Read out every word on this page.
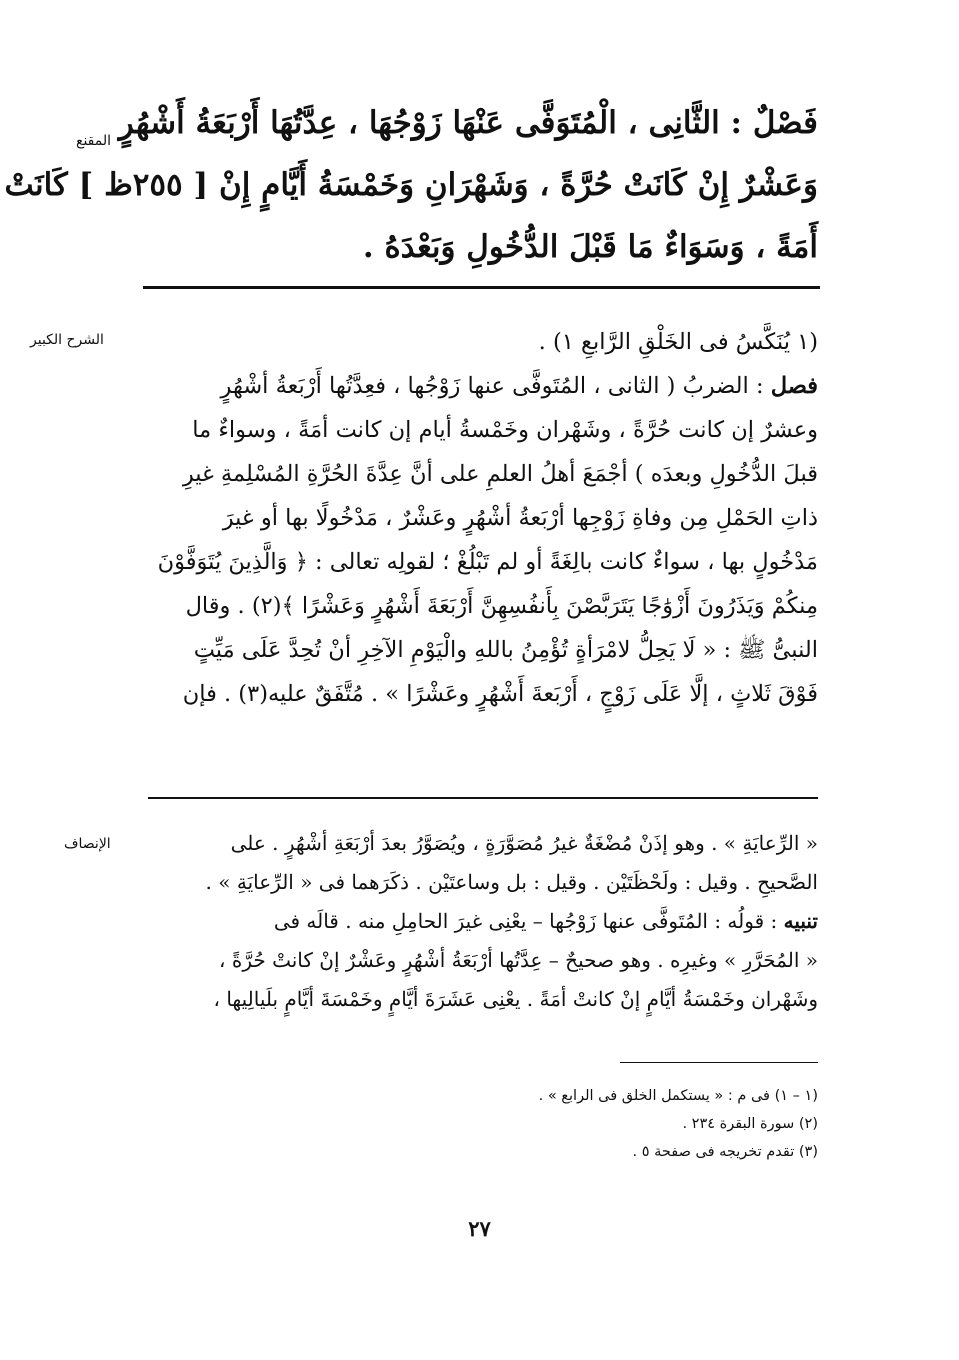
المقنع
الشرح الكبير
الإنصاف
فَصْلٌ : الثَّانِى ، الْمُتَوَفَّى عَنْهَا زَوْجُهَا ، عِدَّتُهَا أَرْبَعَةُ أَشْهُرٍ
وَعَشْرٌ إِنْ كَانَتْ حُرَّةً ، وَشَهْرَانِ وَخَمْسَةُ أَيَّامٍ إِنْ [ ٢٥٥ظ ] كَانَتْ
أَمَةً ، وَسَوَاءٌ مَا قَبْلَ الدُّخُولِ وَبَعْدَهُ .
(١ يُنَكَّسُ فى الخَلْقِ الرَّابعِ ١) .
فصل : الضربُ ( الثانى ، المُتَوفَّى عنها زَوْجُها ، فعِدَّتُها أَرْبَعةُ أشْهُرٍ
وعشرٌ إن كانت حُرَّةً ، وشَهْران وخَمْسةُ أيام إن كانت أمَةً ، وسواءٌ ما
قبلَ الدُّخُولِ وبعدَه ) أجْمَعَ أهلُ العلمِ على أنَّ عِدَّةَ الحُرَّةِ المُسْلِمةِ غيرِ
ذاتِ الحَمْلِ مِن وفاةِ زَوْجِها أرْبَعةُ أشْهُرٍ وعَشْرٌ ، مَدْخُولًا بها أو غيرَ
مَدْخُولٍ بها ، سواءٌ كانت بالِغَةً أو لم تَبْلُغْ ؛ لقولِه تعالى : ﴿ وَالَّذِينَ يُتَوَفَّوْنَ
مِنكُمْ وَيَذَرُونَ أَزْوَٰجًا يَتَرَبَّصْنَ بِأَنفُسِهِنَّ أَرْبَعَةَ أَشْهُرٍ وَعَشْرًا ﴾(٢) . وقال
النبىُّ ﷺ : « لَا يَحِلُّ لامْرَأةٍ تُؤْمِنُ باللهِ والْيَوْمِ الآخِرِ أنْ تُحِدَّ عَلَى مَيِّتٍ
فَوْقَ ثَلاثٍ ، إلَّا عَلَى زَوْجٍ ، أَرْبَعةَ أَشْهُرٍ وعَشْرًا » . مُتَّفَقٌ عليه(٣) . فإن
« الرِّعايَةِ » . وهو إذَنْ مُضْغَةٌ غيرُ مُصَوَّرَةٍ ، ويُصَوَّرُ بعدَ أرْبَعَةِ أشْهُرٍ . على
الصَّحيحِ . وقيل : ولَحْظَتَيْن . وقيل : بل وساعتَيْن . ذكَرَهما فى « الرِّعايَةِ » .
تنبيه : قولُه : المُتَوفَّى عنها زَوْجُها – يعْنِى غيرَ الحامِلِ منه . قالَه فى
« المُحَرَّرِ » وغيرِه . وهو صحيحٌ – عِدَّتُها أرْبَعَةُ أشْهُرٍ وعَشْرٌ إنْ كانتْ حُرَّةً ،
وشَهْران وخَمْسَةُ أيَّامٍ إنْ كانتْ أمَةً . يعْنِى عَشَرَةَ أيَّامٍ وخَمْسَةَ أيَّامٍ بلَيالِيها ،
(١ – ١) فى م : « يستكمل الخلق فى الرابع » .
(٢) سورة البقرة ٢٣٤ .
(٣) تقدم تخريجه فى صفحة ٥ .
٢٧
